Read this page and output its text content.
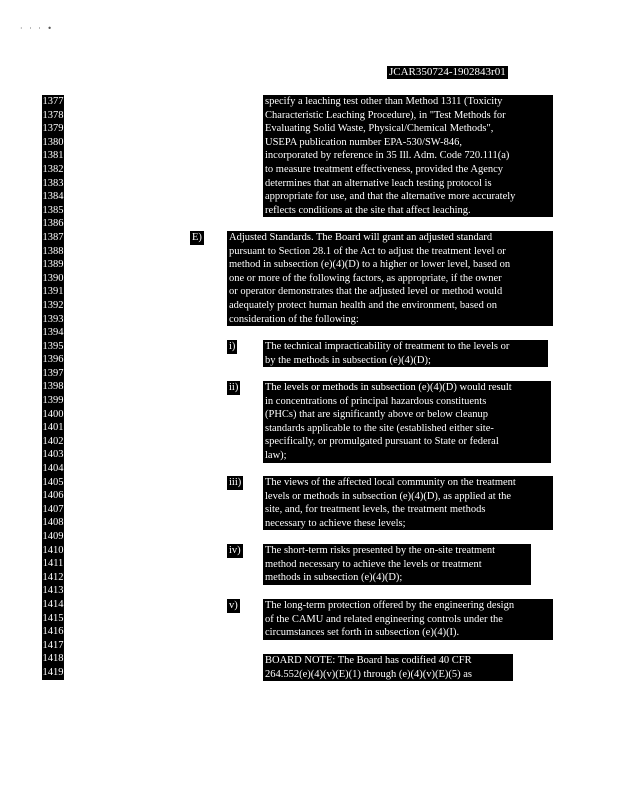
· · · •
JCAR350724-1902843r01
1377
1378
1379
1380
1381
1382
1383
1384
1385
1386
1387
1388
1389
1390
1391
1392
1393
1394
1395
1396
1397
1398
1399
1400
1401
1402
1403
1404
1405
1406
1407
1408
1409
1410
1411
1412
1413
1414
1415
1416
1417
1418
1419
specify a leaching test other than Method 1311 (Toxicity
Characteristic Leaching Procedure), in "Test Methods for
Evaluating Solid Waste, Physical/Chemical Methods",
USEPA publication number EPA-530/SW-846,
incorporated by reference in 35 Ill. Adm. Code 720.111(a)
to measure treatment effectiveness, provided the Agency
determines that an alternative leach testing protocol is
appropriate for use, and that the alternative more accurately
reflects conditions at the site that affect leaching.
E)	Adjusted Standards. The Board will grant an adjusted standard
pursuant to Section 28.1 of the Act to adjust the treatment level or
method in subsection (e)(4)(D) to a higher or lower level, based on
one or more of the following factors, as appropriate, if the owner
or operator demonstrates that the adjusted level or method would
adequately protect human health and the environment, based on
consideration of the following:
i)	The technical impracticability of treatment to the levels or
by the methods in subsection (e)(4)(D);
ii)	The levels or methods in subsection (e)(4)(D) would result
in concentrations of principal hazardous constituents
(PHCs) that are significantly above or below cleanup
standards applicable to the site (established either site-
specifically, or promulgated pursuant to State or federal
law);
iii) The views of the affected local community on the treatment
levels or methods in subsection (e)(4)(D), as applied at the
site, and, for treatment levels, the treatment methods
necessary to achieve these levels;
iv) The short-term risks presented by the on-site treatment
method necessary to achieve the levels or treatment
methods in subsection (e)(4)(D);
v)	The long-term protection offered by the engineering design
of the CAMU and related engineering controls under the
circumstances set forth in subsection (e)(4)(I).
BOARD NOTE: The Board has codified 40 CFR
264.552(e)(4)(v)(E)(1) through (e)(4)(v)(E)(5) as
